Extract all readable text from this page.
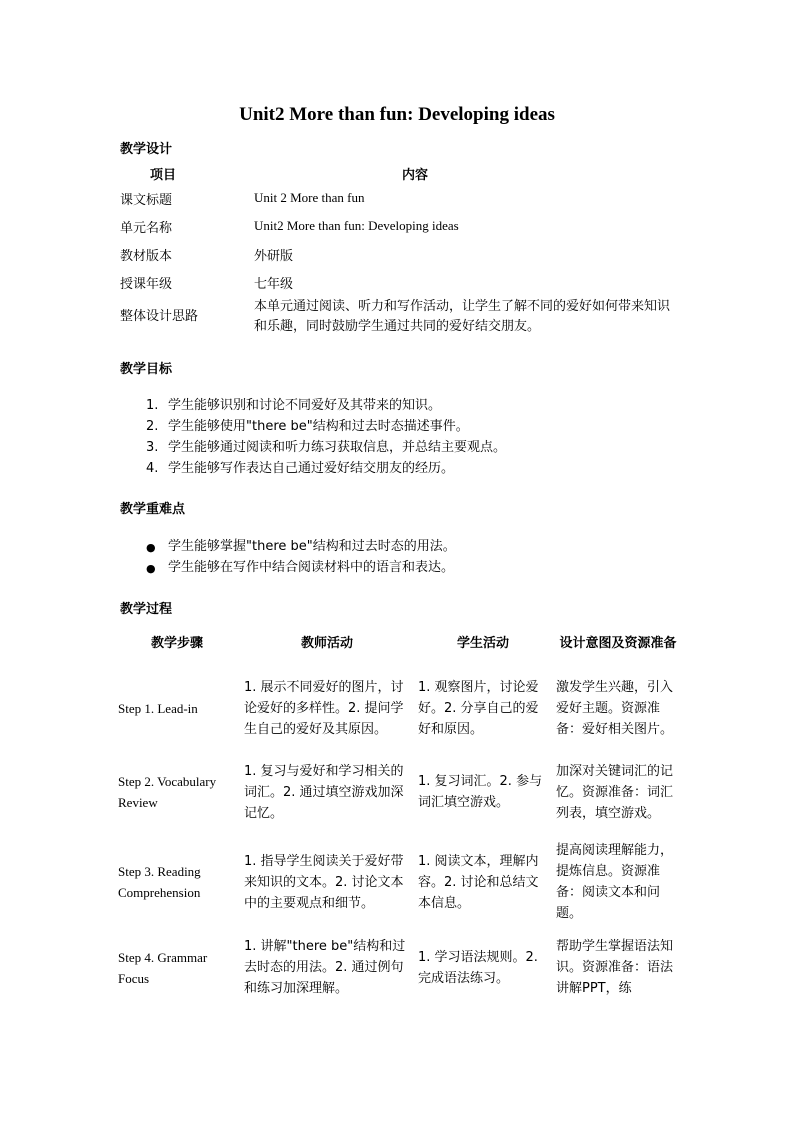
Unit2 More than fun: Developing ideas
教学设计
项目	内容
课文标题	Unit 2 More than fun
单元名称	Unit2 More than fun: Developing ideas
教材版本	外研版
授课年级	七年级
整体设计思路	本单元通过阅读、听力和写作活动，让学生了解不同的爱好如何带来知识和乐趣，同时鼓励学生通过共同的爱好结交朋友。
教学目标
1. 学生能够识别和讨论不同爱好及其带来的知识。
2. 学生能够使用"there be"结构和过去时态描述事件。
3. 学生能够通过阅读和听力练习获取信息，并总结主要观点。
4. 学生能够写作表达自己通过爱好结交朋友的经历。
教学重难点
● 学生能够掌握"there be"结构和过去时态的用法。
● 学生能够在写作中结合阅读材料中的语言和表达。
教学过程
教学步骤	教师活动	学生活动	设计意图及资源准备
Step 1. Lead-in	1. 展示不同爱好的图片，讨论爱好的多样性。2. 提问学生自己的爱好及其原因。	1. 观察图片，讨论爱好。2. 分享自己的爱好和原因。	激发学生兴趣，引入爱好主题。资源准备：爱好相关图片。
Step 2. Vocabulary Review	1. 复习与爱好和学习相关的词汇。2. 通过填空游戏加深记忆。	1. 复习词汇。2. 参与词汇填空游戏。	加深对关键词汇的记忆。资源准备：词汇列表，填空游戏。
Step 3. Reading Comprehension	1. 指导学生阅读关于爱好带来知识的文本。2. 讨论文本中的主要观点和细节。	1. 阅读文本，理解内容。2. 讨论和总结文本信息。	提高阅读理解能力，提炼信息。资源准备：阅读文本和问题。
Step 4. Grammar Focus	1. 讲解"there be"结构和过去时态的用法。2. 通过例句和练习加深理解。	1. 学习语法规则。2. 完成语法练习。	帮助学生掌握语法知识。资源准备：语法讲解PPT，练
